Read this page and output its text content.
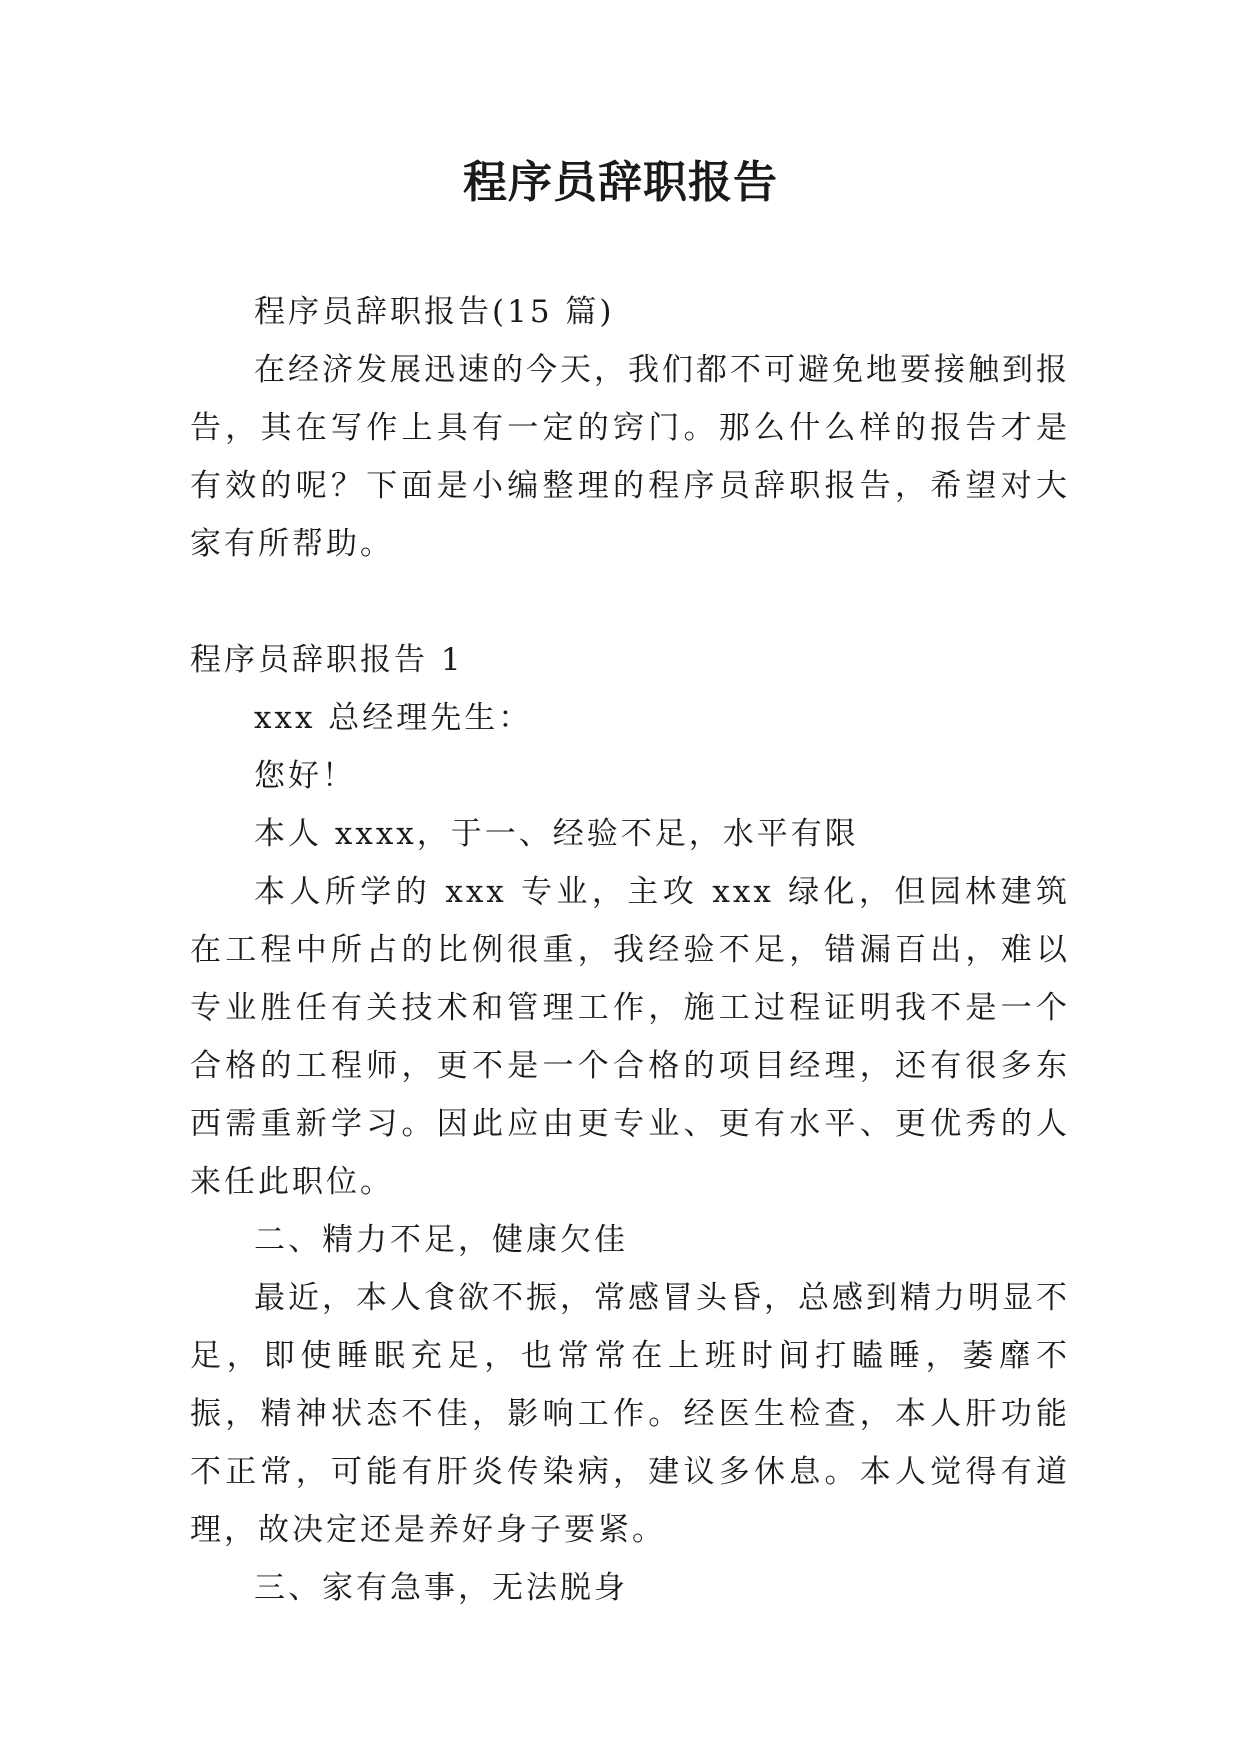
程序员辞职报告

程序员辞职报告(15 篇)

在经济发展迅速的今天，我们都不可避免地要接触到报告，其在写作上具有一定的窍门。那么什么样的报告才是有效的呢？下面是小编整理的程序员辞职报告，希望对大家有所帮助。

程序员辞职报告 1

xxx 总经理先生：

您好！

本人 xxxx，于一、经验不足，水平有限

本人所学的 xxx 专业，主攻 xxx 绿化，但园林建筑在工程中所占的比例很重，我经验不足，错漏百出，难以专业胜任有关技术和管理工作，施工过程证明我不是一个合格的工程师，更不是一个合格的项目经理，还有很多东西需重新学习。因此应由更专业、更有水平、更优秀的人来任此职位。

二、精力不足，健康欠佳

最近，本人食欲不振，常感冒头昏，总感到精力明显不足，即使睡眠充足，也常常在上班时间打瞌睡，萎靡不振，精神状态不佳，影响工作。经医生检查，本人肝功能不正常，可能有肝炎传染病，建议多休息。本人觉得有道理，故决定还是养好身子要紧。

三、家有急事，无法脱身
